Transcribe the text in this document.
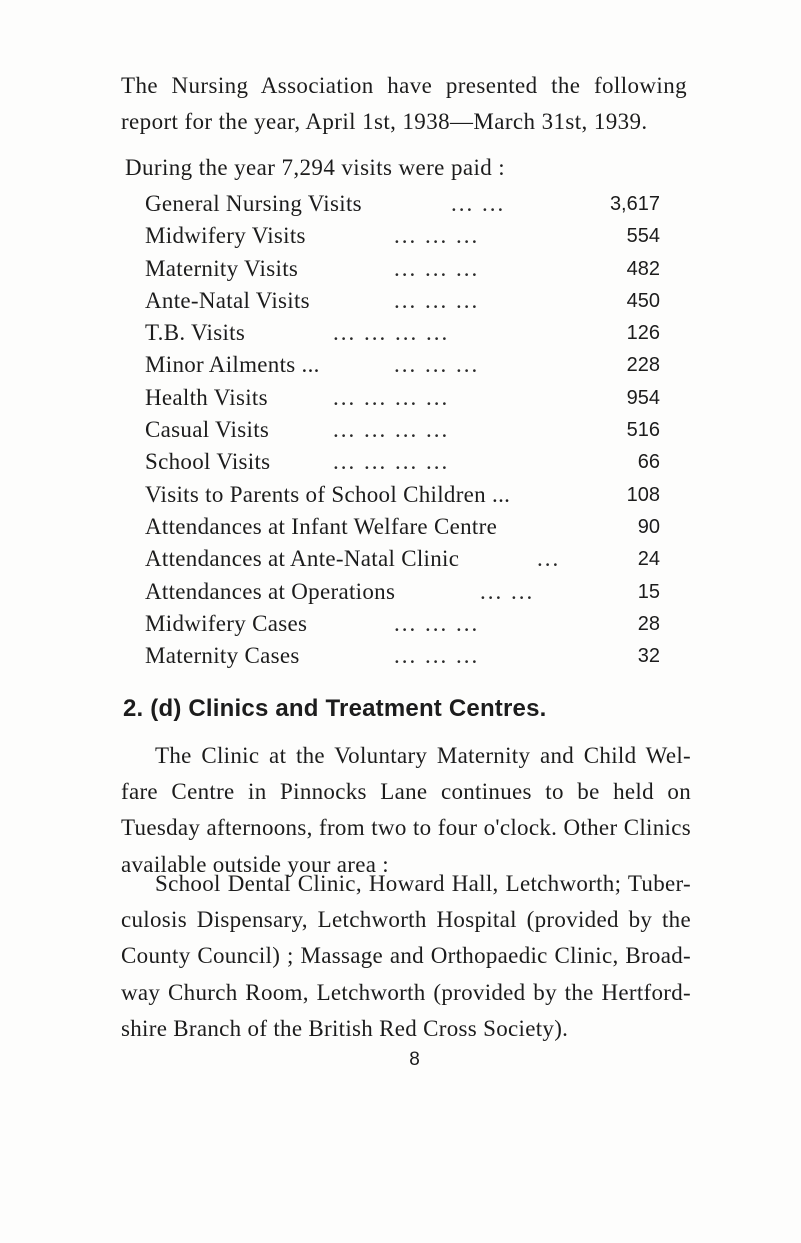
The Nursing Association have presented the following report for the year, April 1st, 1938—March 31st, 1939.

During the year 7,294 visits were paid :
General Nursing Visits	... ...	3,617
Midwifery Visits	... ... ...	554
Maternity Visits	... ... ...	482
Ante-Natal Visits	... ... ...	450
T.B. Visits	... ... ... ...	126
Minor Ailments ...	... ... ...	228
Health Visits	... ... ... ...	954
Casual Visits	... ... ... ...	516
School Visits	... ... ... ...	66
Visits to Parents of School Children ...	108
Attendances at Infant Welfare Centre	90
Attendances at Ante-Natal Clinic	...	24
Attendances at Operations	... ...	15
Midwifery Cases	... ... ...	28
Maternity Cases	... ... ...	32
2. (d) Clinics and Treatment Centres.

The Clinic at the Voluntary Maternity and Child Wel- fare Centre in Pinnocks Lane continues to be held on Tuesday afternoons, from two to four o'clock. Other Clinics available outside your area :

School Dental Clinic, Howard Hall, Letchworth; Tuber- culosis Dispensary, Letchworth Hospital (provided by the County Council) ; Massage and Orthopaedic Clinic, Broad- way Church Room, Letchworth (provided by the Hertford- shire Branch of the British Red Cross Society).

8
